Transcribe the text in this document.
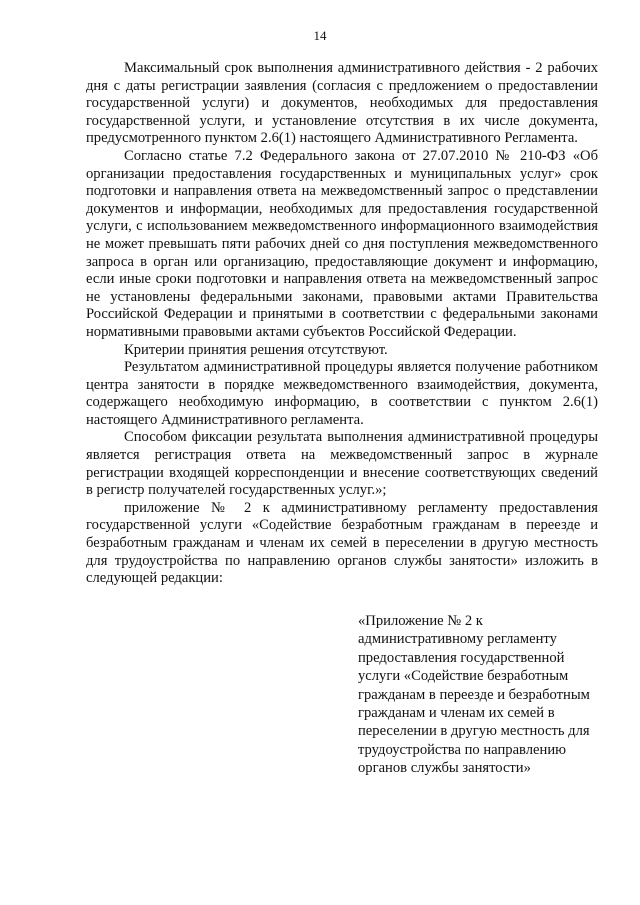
14

Максимальный срок выполнения административного действия - 2 рабочих дня с даты регистрации заявления (согласия с предложением о предоставлении государственной услуги) и документов, необходимых для предоставления государственной услуги, и установление отсутствия в их числе документа, предусмотренного пунктом 2.6(1) настоящего Административного Регламента.

Согласно статье 7.2 Федерального закона от 27.07.2010 № 210-ФЗ «Об организации предоставления государственных и муниципальных услуг» срок подготовки и направления ответа на межведомственный запрос о представлении документов и информации, необходимых для предоставления государственной услуги, с использованием межведомственного информационного взаимодействия не может превышать пяти рабочих дней со дня поступления межведомственного запроса в орган или организацию, предоставляющие документ и информацию, если иные сроки подготовки и направления ответа на межведомственный запрос не установлены федеральными законами, правовыми актами Правительства Российской Федерации и принятыми в соответствии с федеральными законами нормативными правовыми актами субъектов Российской Федерации.

Критерии принятия решения отсутствуют.

Результатом административной процедуры является получение работником центра занятости в порядке межведомственного взаимодействия, документа, содержащего необходимую информацию, в соответствии с пунктом 2.6(1) настоящего Административного регламента.

Способом фиксации результата выполнения административной процедуры является регистрация ответа на межведомственный запрос в журнале регистрации входящей корреспонденции и внесение соответствующих сведений в регистр получателей государственных услуг.»;

приложение № 2 к административному регламенту предоставления государственной услуги «Содействие безработным гражданам в переезде и безработным гражданам и членам их семей в переселении в другую местность для трудоустройства по направлению органов службы занятости» изложить в следующей редакции:

«Приложение № 2 к административному регламенту предоставления государственной услуги «Содействие безработным гражданам в переезде и безработным гражданам и членам их семей в переселении в другую местность для трудоустройства по направлению органов службы занятости»
